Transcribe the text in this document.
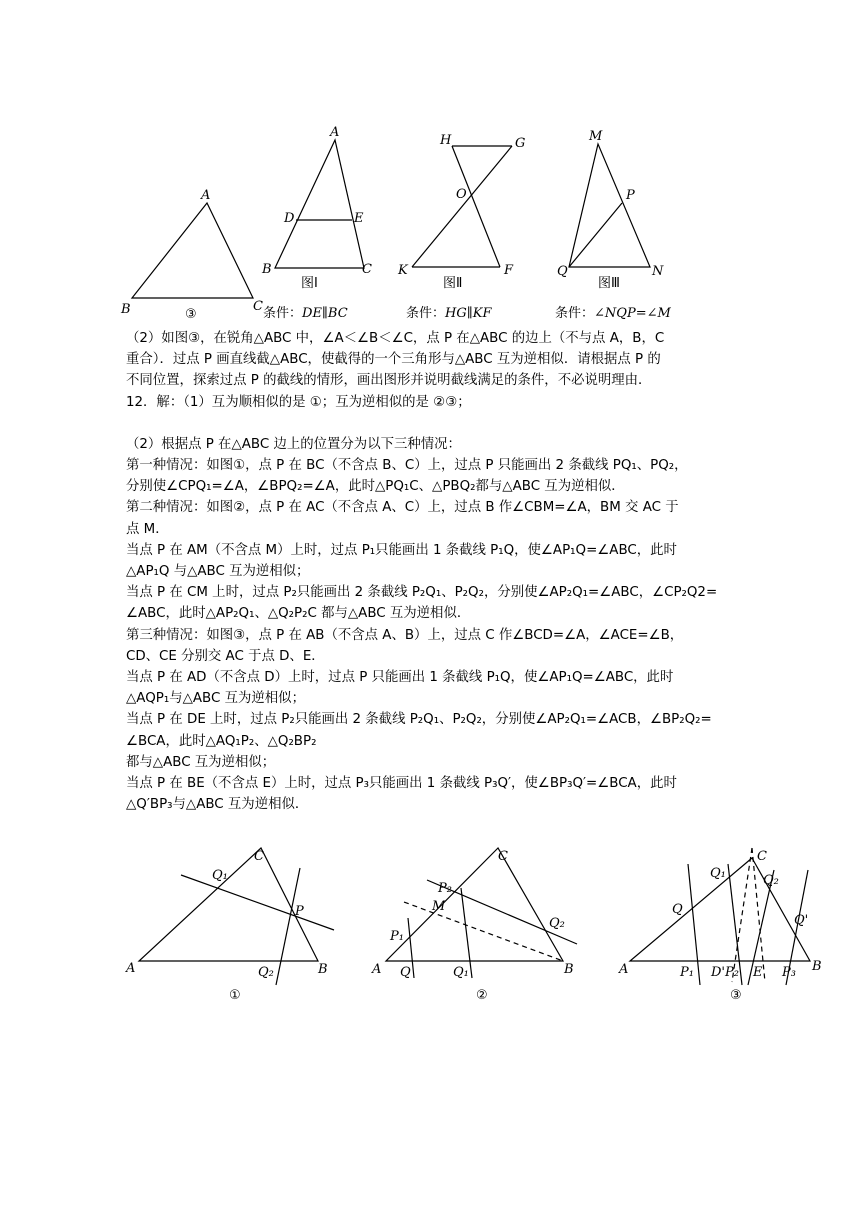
A
B	C
③
A
D	E
B	C
图Ⅰ
H	G
O
K	F
图Ⅱ
M
P
Q	N
图Ⅲ
条件：DE∥BC	条件：HG∥KF	条件：∠NQP=∠M

（2）如图③，在锐角△ABC 中，∠A＜∠B＜∠C，点 P 在△ABC 的边上（不与点 A，B，C

重合）．过点 P 画直线截△ABC，使截得的一个三角形与△ABC 互为逆相似．请根据点 P 的

不同位置，探索过点 P 的截线的情形，画出图形并说明截线满足的条件，不必说明理由．

12．解：（1）互为顺相似的是 ①；互为逆相似的是 ②③；

（2）根据点 P 在△ABC 边上的位置分为以下三种情况：

第一种情况：如图①，点 P 在 BC（不含点 B、C）上，过点 P 只能画出 2 条截线 PQ₁、PQ₂，

分别使∠CPQ₁=∠A，∠BPQ₂=∠A，此时△PQ₁C、△PBQ₂都与△ABC 互为逆相似．

第二种情况：如图②，点 P 在 AC（不含点 A、C）上，过点 B 作∠CBM=∠A，BM 交 AC 于

点 M．

当点 P 在 AM（不含点 M）上时，过点 P₁只能画出 1 条截线 P₁Q，使∠AP₁Q=∠ABC，此时

△AP₁Q 与△ABC 互为逆相似；

当点 P 在 CM 上时，过点 P₂只能画出 2 条截线 P₂Q₁、P₂Q₂，分别使∠AP₂Q₁=∠ABC，∠CP₂Q2=

∠ABC，此时△AP₂Q₁、△Q₂P₂C 都与△ABC 互为逆相似．

第三种情况：如图③，点 P 在 AB（不含点 A、B）上，过点 C 作∠BCD=∠A，∠ACE=∠B，

CD、CE 分别交 AC 于点 D、E．

当点 P 在 AD（不含点 D）上时，过点 P 只能画出 1 条截线 P₁Q，使∠AP₁Q=∠ABC，此时

△AQP₁与△ABC 互为逆相似；

当点 P 在 DE 上时，过点 P₂只能画出 2 条截线 P₂Q₁、P₂Q₂，分别使∠AP₂Q₁=∠ACB，∠BP₂Q₂=

∠BCA，此时△AQ₁P₂、△Q₂BP₂

都与△ABC 互为逆相似；

当点 P 在 BE（不含点 E）上时，过点 P₃只能画出 1 条截线 P₃Q′，使∠BP₃Q′=∠BCA，此时

△Q′BP₃与△ABC 互为逆相似．

C
Q₁
P
A	Q₂	B
①
C
P₂
M
Q₂
P₁
A Q	Q₁	B
②
C
Q₁	Q₂
Q
Q'
A	P₁ D'P₂ E P₃ B
③
